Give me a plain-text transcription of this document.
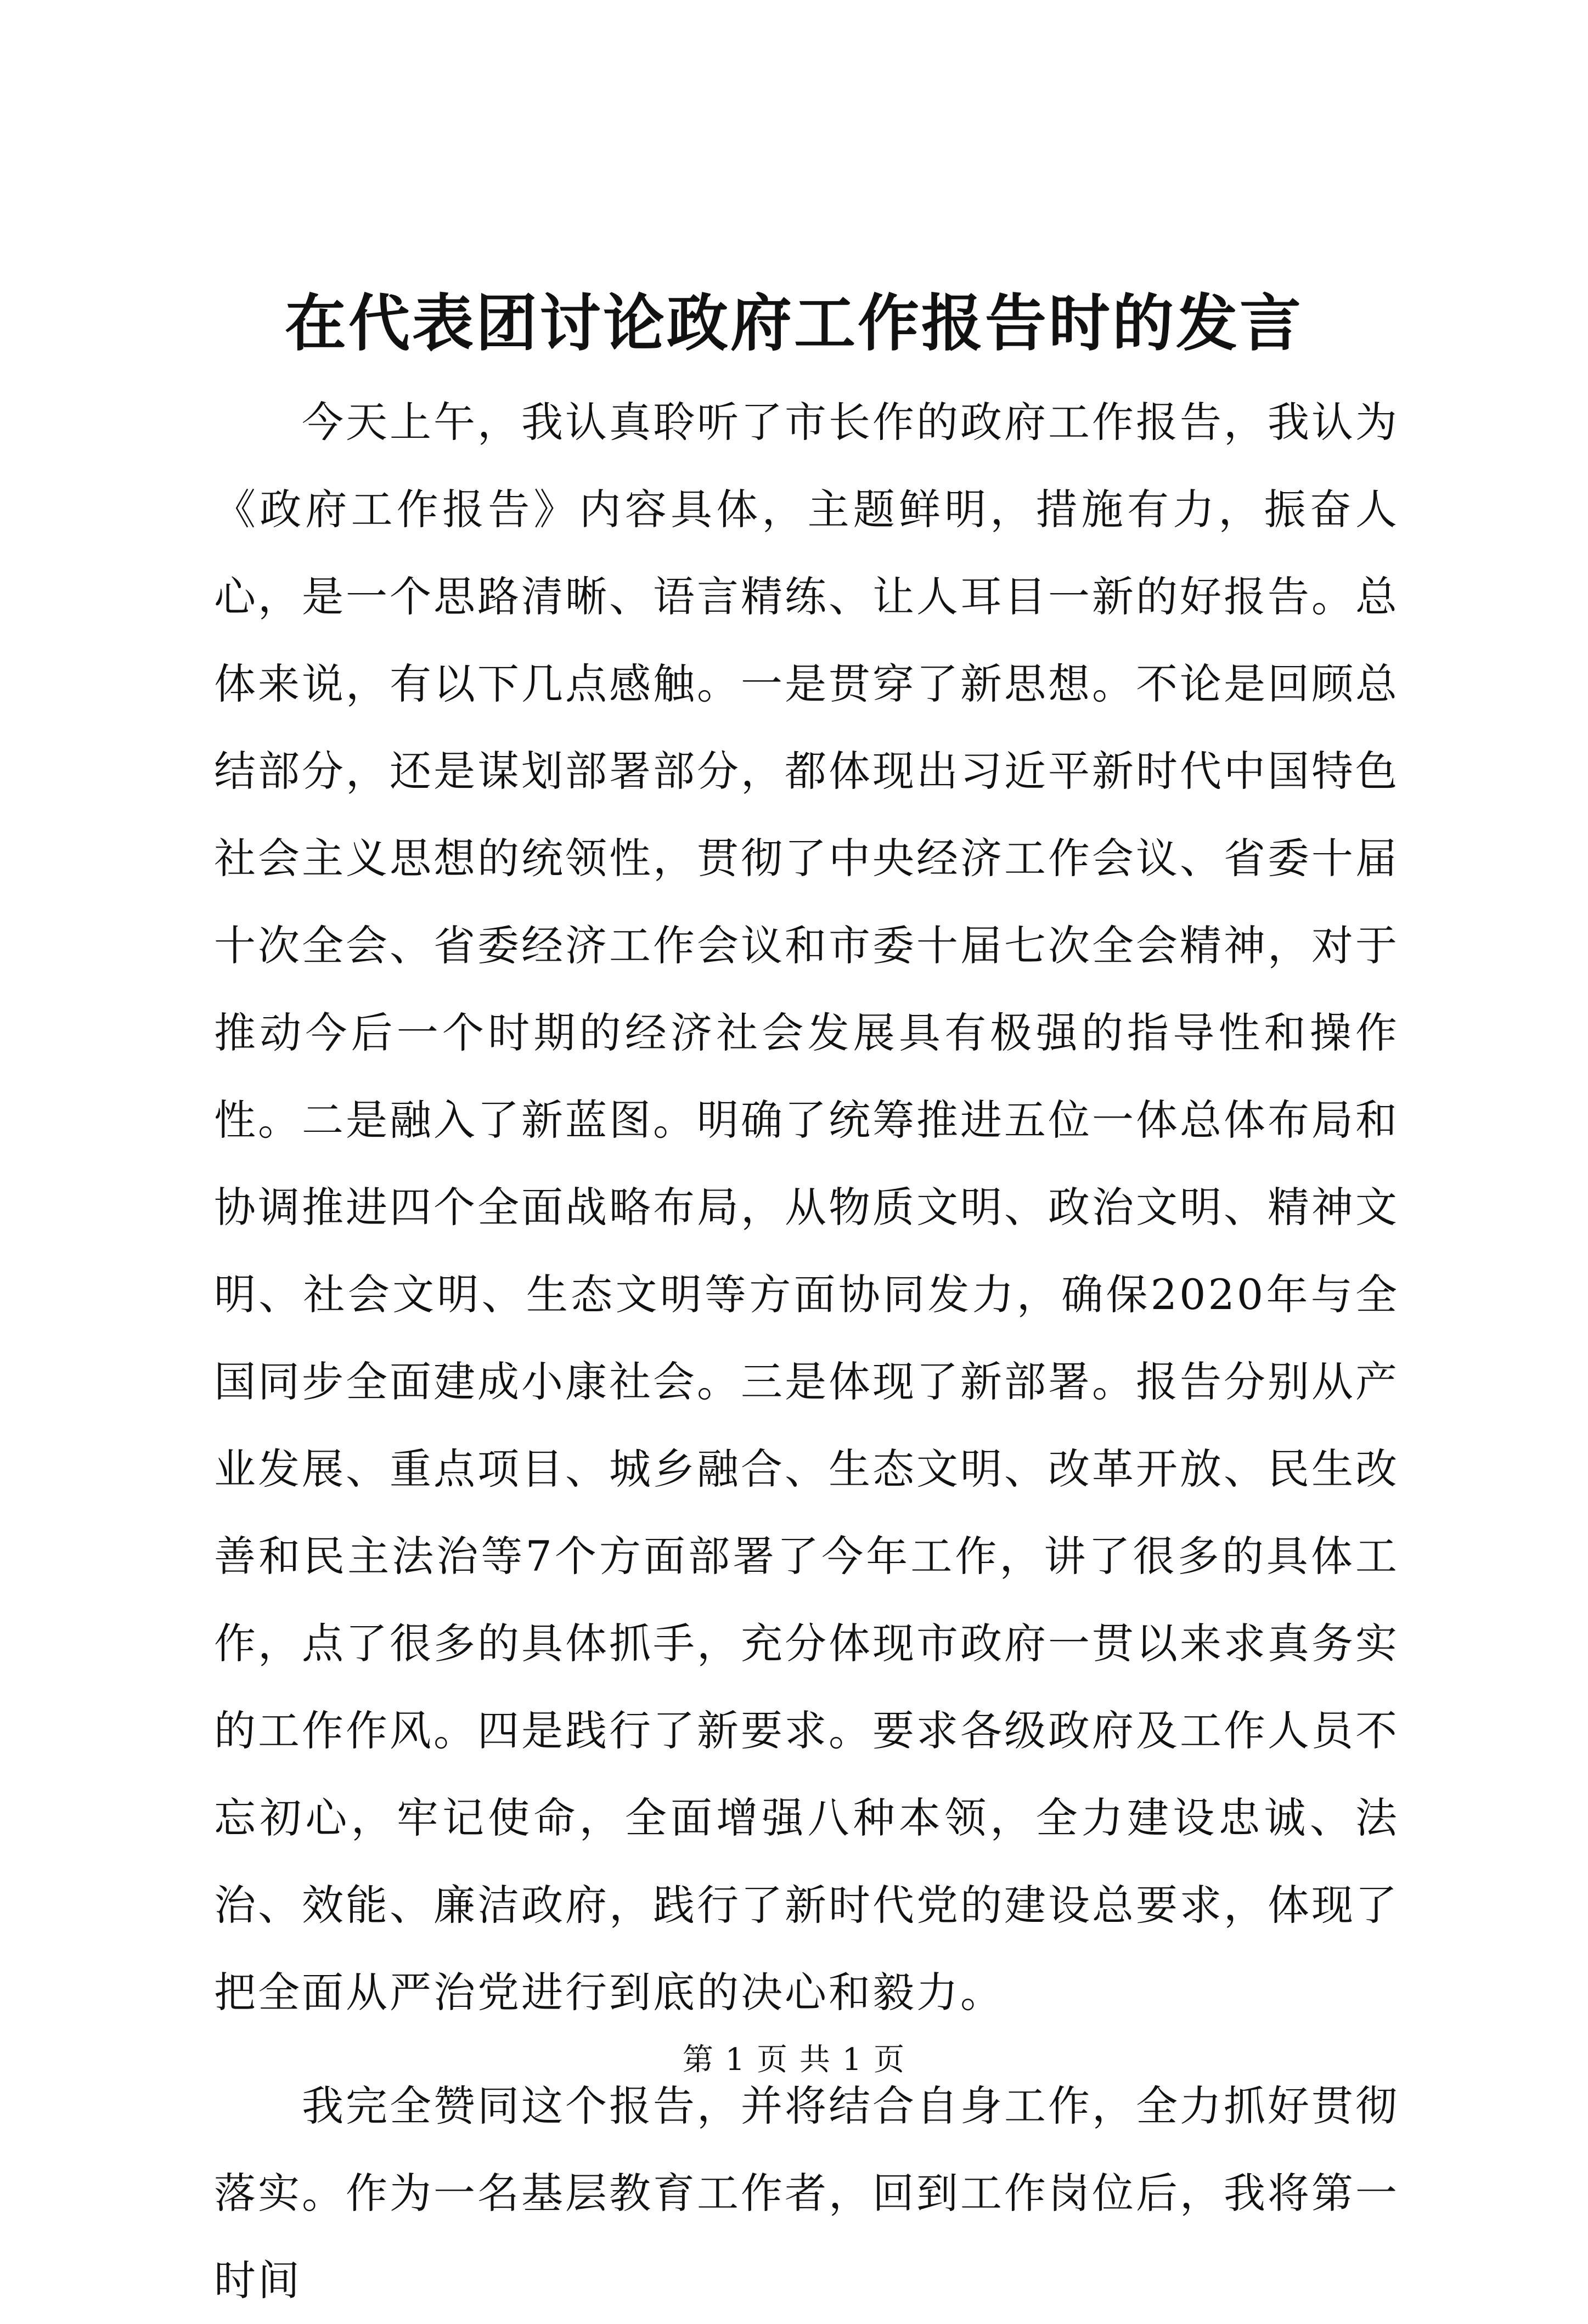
在代表团讨论政府工作报告时的发言

今天上午，我认真聆听了市长作的政府工作报告，我认为《政府工作报告》内容具体，主题鲜明，措施有力，振奋人心，是一个思路清晰、语言精练、让人耳目一新的好报告。总体来说，有以下几点感触。一是贯穿了新思想。不论是回顾总结部分，还是谋划部署部分，都体现出习近平新时代中国特色社会主义思想的统领性，贯彻了中央经济工作会议、省委十届十次全会、省委经济工作会议和市委十届七次全会精神，对于推动今后一个时期的经济社会发展具有极强的指导性和操作性。二是融入了新蓝图。明确了统筹推进五位一体总体布局和协调推进四个全面战略布局，从物质文明、政治文明、精神文明、社会文明、生态文明等方面协同发力，确保2020年与全国同步全面建成小康社会。三是体现了新部署。报告分别从产业发展、重点项目、城乡融合、生态文明、改革开放、民生改善和民主法治等7个方面部署了今年工作，讲了很多的具体工作，点了很多的具体抓手，充分体现市政府一贯以来求真务实的工作作风。四是践行了新要求。要求各级政府及工作人员不忘初心，牢记使命，全面增强八种本领，全力建设忠诚、法治、效能、廉洁政府，践行了新时代党的建设总要求，体现了把全面从严治党进行到底的决心和毅力。

我完全赞同这个报告，并将结合自身工作，全力抓好贯彻落实。作为一名基层教育工作者，回到工作岗位后，我将第一时间

第 1 页 共 1 页
